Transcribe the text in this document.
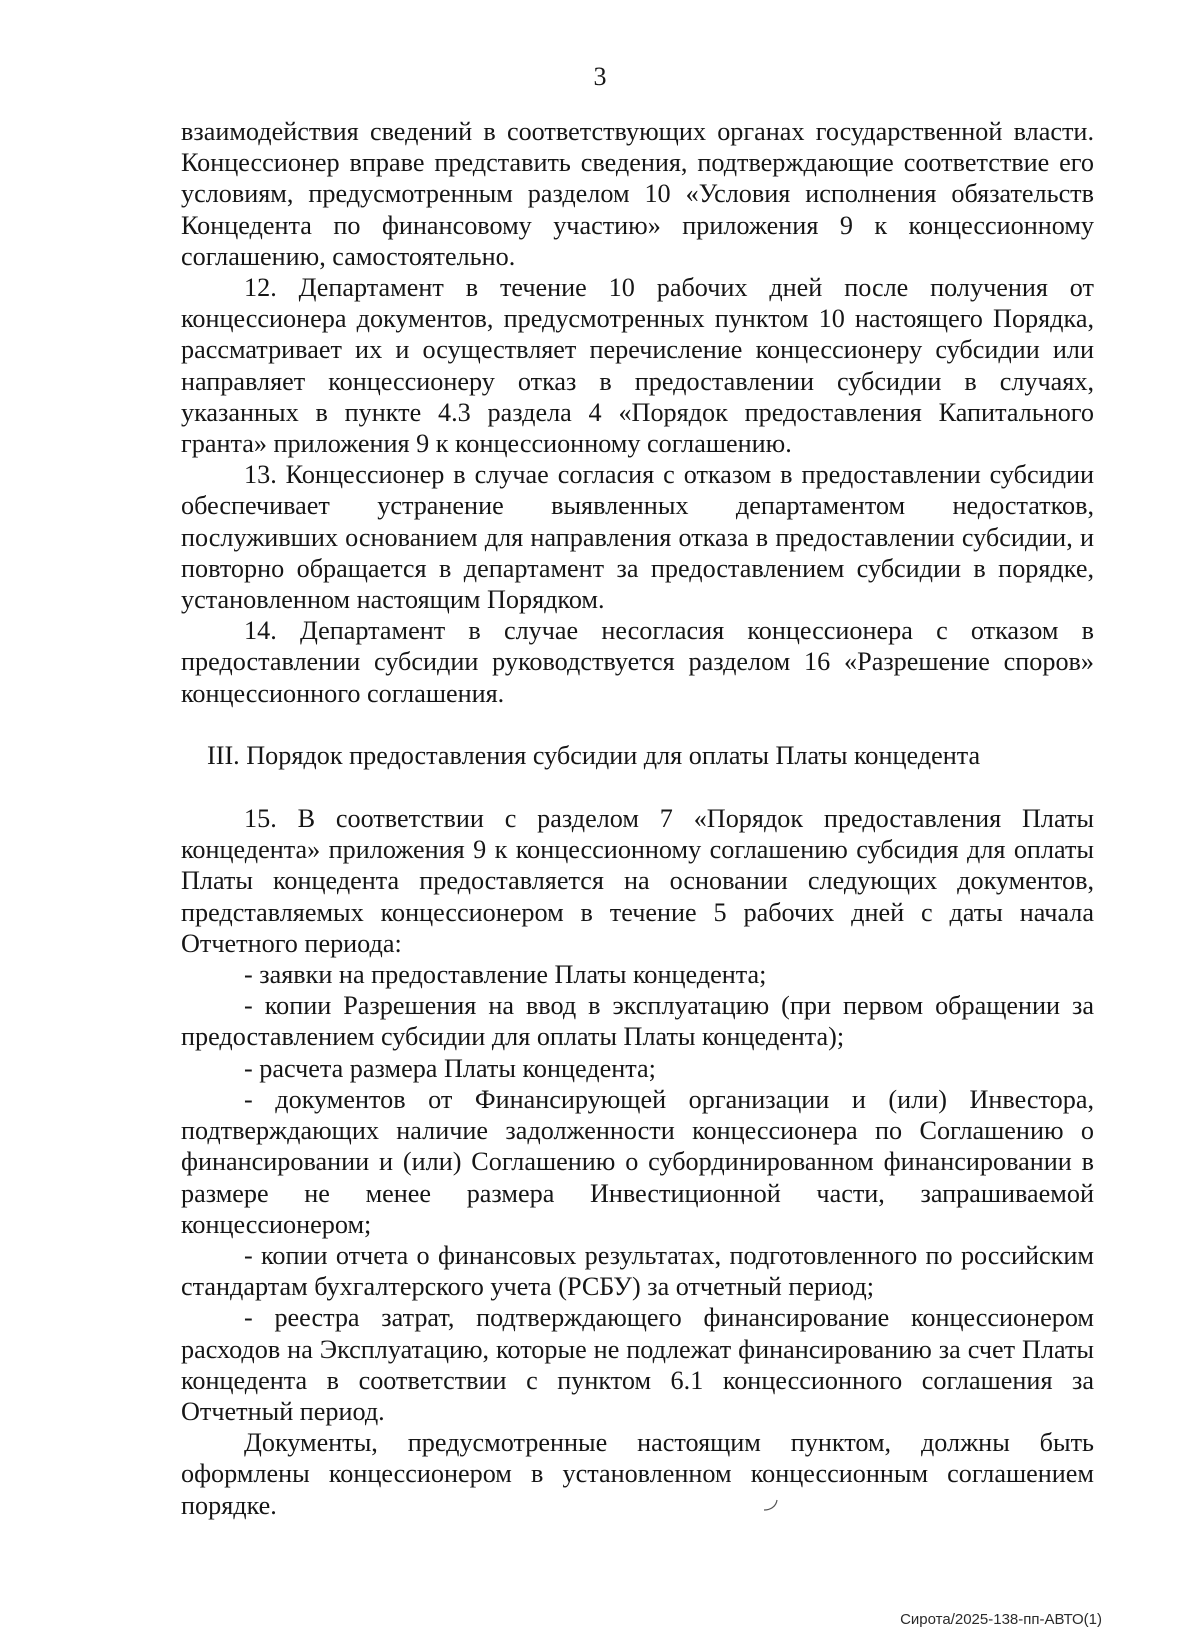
3

взаимодействия сведений в соответствующих органах государственной власти. Концессионер вправе представить сведения, подтверждающие соответствие его условиям, предусмотренным разделом 10 «Условия исполнения обязательств Концедента по финансовому участию» приложения 9 к концессионному соглашению, самостоятельно.

12. Департамент в течение 10 рабочих дней после получения от концессионера документов, предусмотренных пунктом 10 настоящего Порядка, рассматривает их и осуществляет перечисление концессионеру субсидии или направляет концессионеру отказ в предоставлении субсидии в случаях, указанных в пункте 4.3 раздела 4 «Порядок предоставления Капитального гранта» приложения 9 к концессионному соглашению.

13. Концессионер в случае согласия с отказом в предоставлении субсидии обеспечивает устранение выявленных департаментом недостатков, послуживших основанием для направления отказа в предоставлении субсидии, и повторно обращается в департамент за предоставлением субсидии в порядке, установленном настоящим Порядком.

14. Департамент в случае несогласия концессионера с отказом в предоставлении субсидии руководствуется разделом 16 «Разрешение споров» концессионного соглашения.

III. Порядок предоставления субсидии для оплаты Платы концедента

15. В соответствии с разделом 7 «Порядок предоставления Платы концедента» приложения 9 к концессионному соглашению субсидия для оплаты Платы концедента предоставляется на основании следующих документов, представляемых концессионером в течение 5 рабочих дней с даты начала Отчетного периода:

- заявки на предоставление Платы концедента;

- копии Разрешения на ввод в эксплуатацию (при первом обращении за предоставлением субсидии для оплаты Платы концедента);

- расчета размера Платы концедента;

- документов от Финансирующей организации и (или) Инвестора, подтверждающих наличие задолженности концессионера по Соглашению о финансировании и (или) Соглашению о субординированном финансировании в размере не менее размера Инвестиционной части, запрашиваемой концессионером;

- копии отчета о финансовых результатах, подготовленного по российским стандартам бухгалтерского учета (РСБУ) за отчетный период;

- реестра затрат, подтверждающего финансирование концессионером расходов на Эксплуатацию, которые не подлежат финансированию за счет Платы концедента в соответствии с пунктом 6.1 концессионного соглашения за Отчетный период.

Документы, предусмотренные настоящим пунктом, должны быть оформлены концессионером в установленном концессионным соглашением порядке.

Сирота/2025-138-пп-АВТО(1)
